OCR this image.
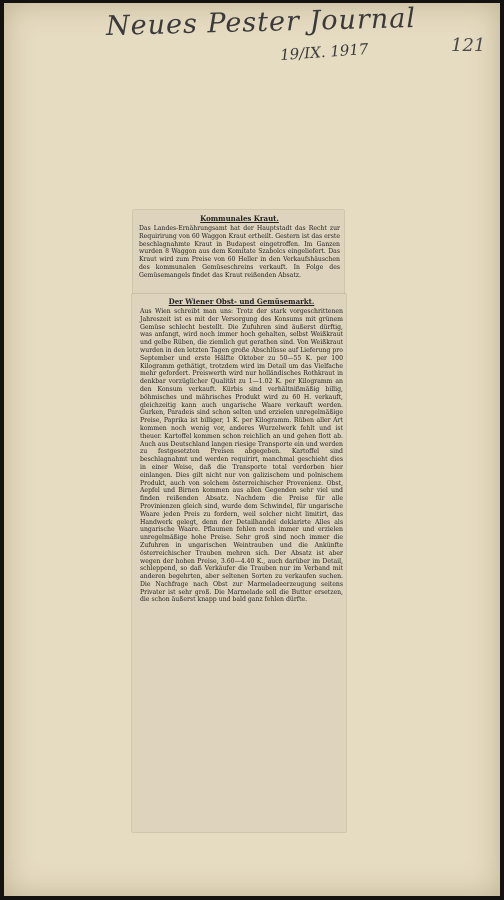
Neues Pester Journal
19/IX. 1917	121
Kommunales Kraut.

Das Landes-Ernährungsamt hat der Hauptstadt das Recht zur Requirirung von 60 Waggon Kraut ertheilt. Gestern ist das erste beschlagnahmte Kraut in Budapest eingetroffen. Im Ganzen wurden 8 Waggon aus dem Komitate Szabolcs eingeliefert. Das Kraut wird zum Preise von 60 Heller in den Verkaufshäuschen des kommunalen Gemüseschreins verkauft. In Folge des Gemüsemangels findet das Kraut reißenden Absatz.

Der Wiener Obst- und Gemüsemarkt.

Aus Wien schreibt man uns: Trotz der stark vorgeschrittenen Jahreszeit ist es mit der Versorgung des Konsums mit grünem Gemüse schlecht bestellt. Die Zufuhren sind äußerst dürftig, was anfangt, wird noch immer hoch gehalten, selbst Weißkraut und gelbe Rüben, die ziemlich gut gerathen sind. Von Weißkraut wurden in den letzten Tagen große Abschlüsse auf Lieferung pro September und erste Hälfte Oktober zu 50—55 K. per 100 Kilogramm gethätigt, trotzdem wird im Detail um das Vielfache mehr gefordert. Preiswerth wird nur holländisches Rothkraut in denkbar vorzüglicher Qualität zu 1—1.02 K. per Kilogramm an den Konsum verkauft. Kürbis sind verhältnißmäßig billig, böhmisches und mährisches Produkt wird zu 60 H. verkauft, gleichzeitig kann auch ungarische Waare verkauft werden. Gurken, Paradeis sind schon selten und erzielen unregelmäßige Preise, Paprika ist billiger, 1 K. per Kilogramm. Rüben aller Art kommen noch wenig vor, anderes Wurzelwerk fehlt und ist theuer. Kartoffel kommen schon reichlich an und gehen flott ab. Auch aus Deutschland langen riesige Transporte ein und werden zu festgesetzten Preisen abgegeben. Kartoffel sind beschlagnahmt und werden requirirt, manchmal geschieht dies in einer Weise, daß die Transporte total verdorben hier einlangen. Dies gilt nicht nur von galizischem und polnischem Produkt, auch von solchem österreichischer Provenienz. Obst, Aepfel und Birnen kommen aus allen Gegenden sehr viel und finden reißenden Absatz. Nachdem die Preise für alle Provinienzen gleich sind, wurde dem Schwindel, für ungarische Waare jeden Preis zu fordern, weil solcher nicht limitirt, das Handwerk gelegt, denn der Detailhandel deklarirte Alles als ungarische Waare. Pflaumen fehlen noch immer und erzielen unregelmäßige hohe Preise. Sehr groß sind noch immer die Zufuhren in ungarischen Weintrauben und die Ankünfte österreichischer Trauben mehren sich. Der Absatz ist aber wegen der hohen Preise, 3.60—4.40 K., auch darüber im Detail, schleppend, so daß Verkäufer die Trauben nur im Verband mit anderen begehrten, aber seltenen Sorten zu verkaufen suchen. Die Nachfrage nach Obst zur Marmeladeerzeugung seitens Privater ist sehr groß. Die Marmelade soll die Butter ersetzen, die schon äußerst knapp und bald ganz fehlen dürfte.
